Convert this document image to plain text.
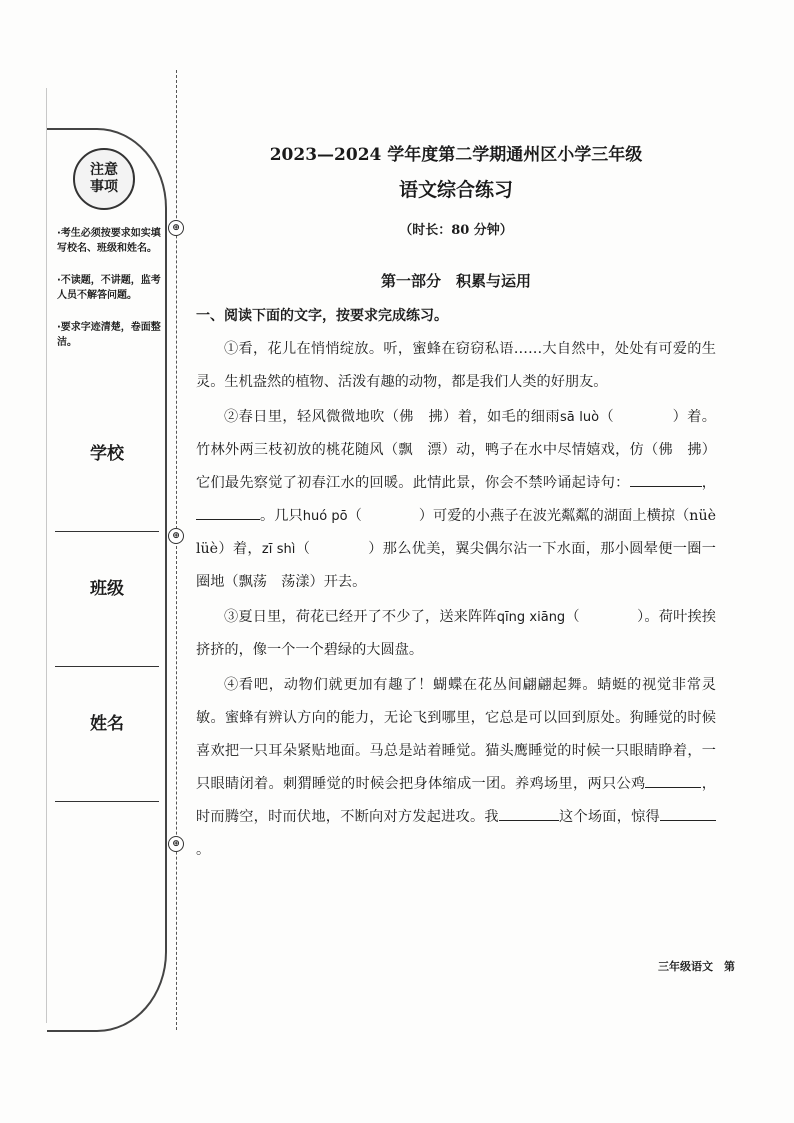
注意
事项
·考生必须按要求如实填写校名、班级和姓名。
·不读题，不讲题，监考人员不解答问题。
·要求字迹清楚，卷面整洁。
学校
班级
姓名
⊕
⊕
⊕
2023—2024 学年度第二学期通州区小学三年级
语文综合练习
（时长：80 分钟）
第一部分　积累与运用
一、阅读下面的文字，按要求完成练习。

①看，花儿在悄悄绽放。听，蜜蜂在窃窃私语……大自然中，处处有可爱的生灵。生机盎然的植物、活泼有趣的动物，都是我们人类的好朋友。

②春日里，轻风微微地吹（佛　拂）着，如毛的细雨sā luò（　　　　）着。竹林外两三枝初放的桃花随风（飘　漂）动，鸭子在水中尽情嬉戏，仿（佛　拂）它们最先察觉了初春江水的回暖。此情此景，你会不禁吟诵起诗句：	，。几只huó pō（　　　　）可爱的小燕子在波光粼粼的湖面上横掠（nüè lüè）着，zī shì（　　　　）那么优美，翼尖偶尔沾一下水面，那小圆晕便一圈一圈地（飘荡　荡漾）开去。

③夏日里，荷花已经开了不少了，送来阵阵qīng xiāng（　　　　）。荷叶挨挨挤挤的，像一个一个碧绿的大圆盘。

④看吧，动物们就更加有趣了！蝴蝶在花丛间翩翩起舞。蜻蜓的视觉非常灵敏。蜜蜂有辨认方向的能力，无论飞到哪里，它总是可以回到原处。狗睡觉的时候喜欢把一只耳朵紧贴地面。马总是站着睡觉。猫头鹰睡觉的时候一只眼睛睁着，一只眼睛闭着。刺猬睡觉的时候会把身体缩成一团。养鸡场里，两只公鸡	，时而腾空，时而伏地，不断向对方发起进攻。我	这个场面，惊得。

三年级语文　第
